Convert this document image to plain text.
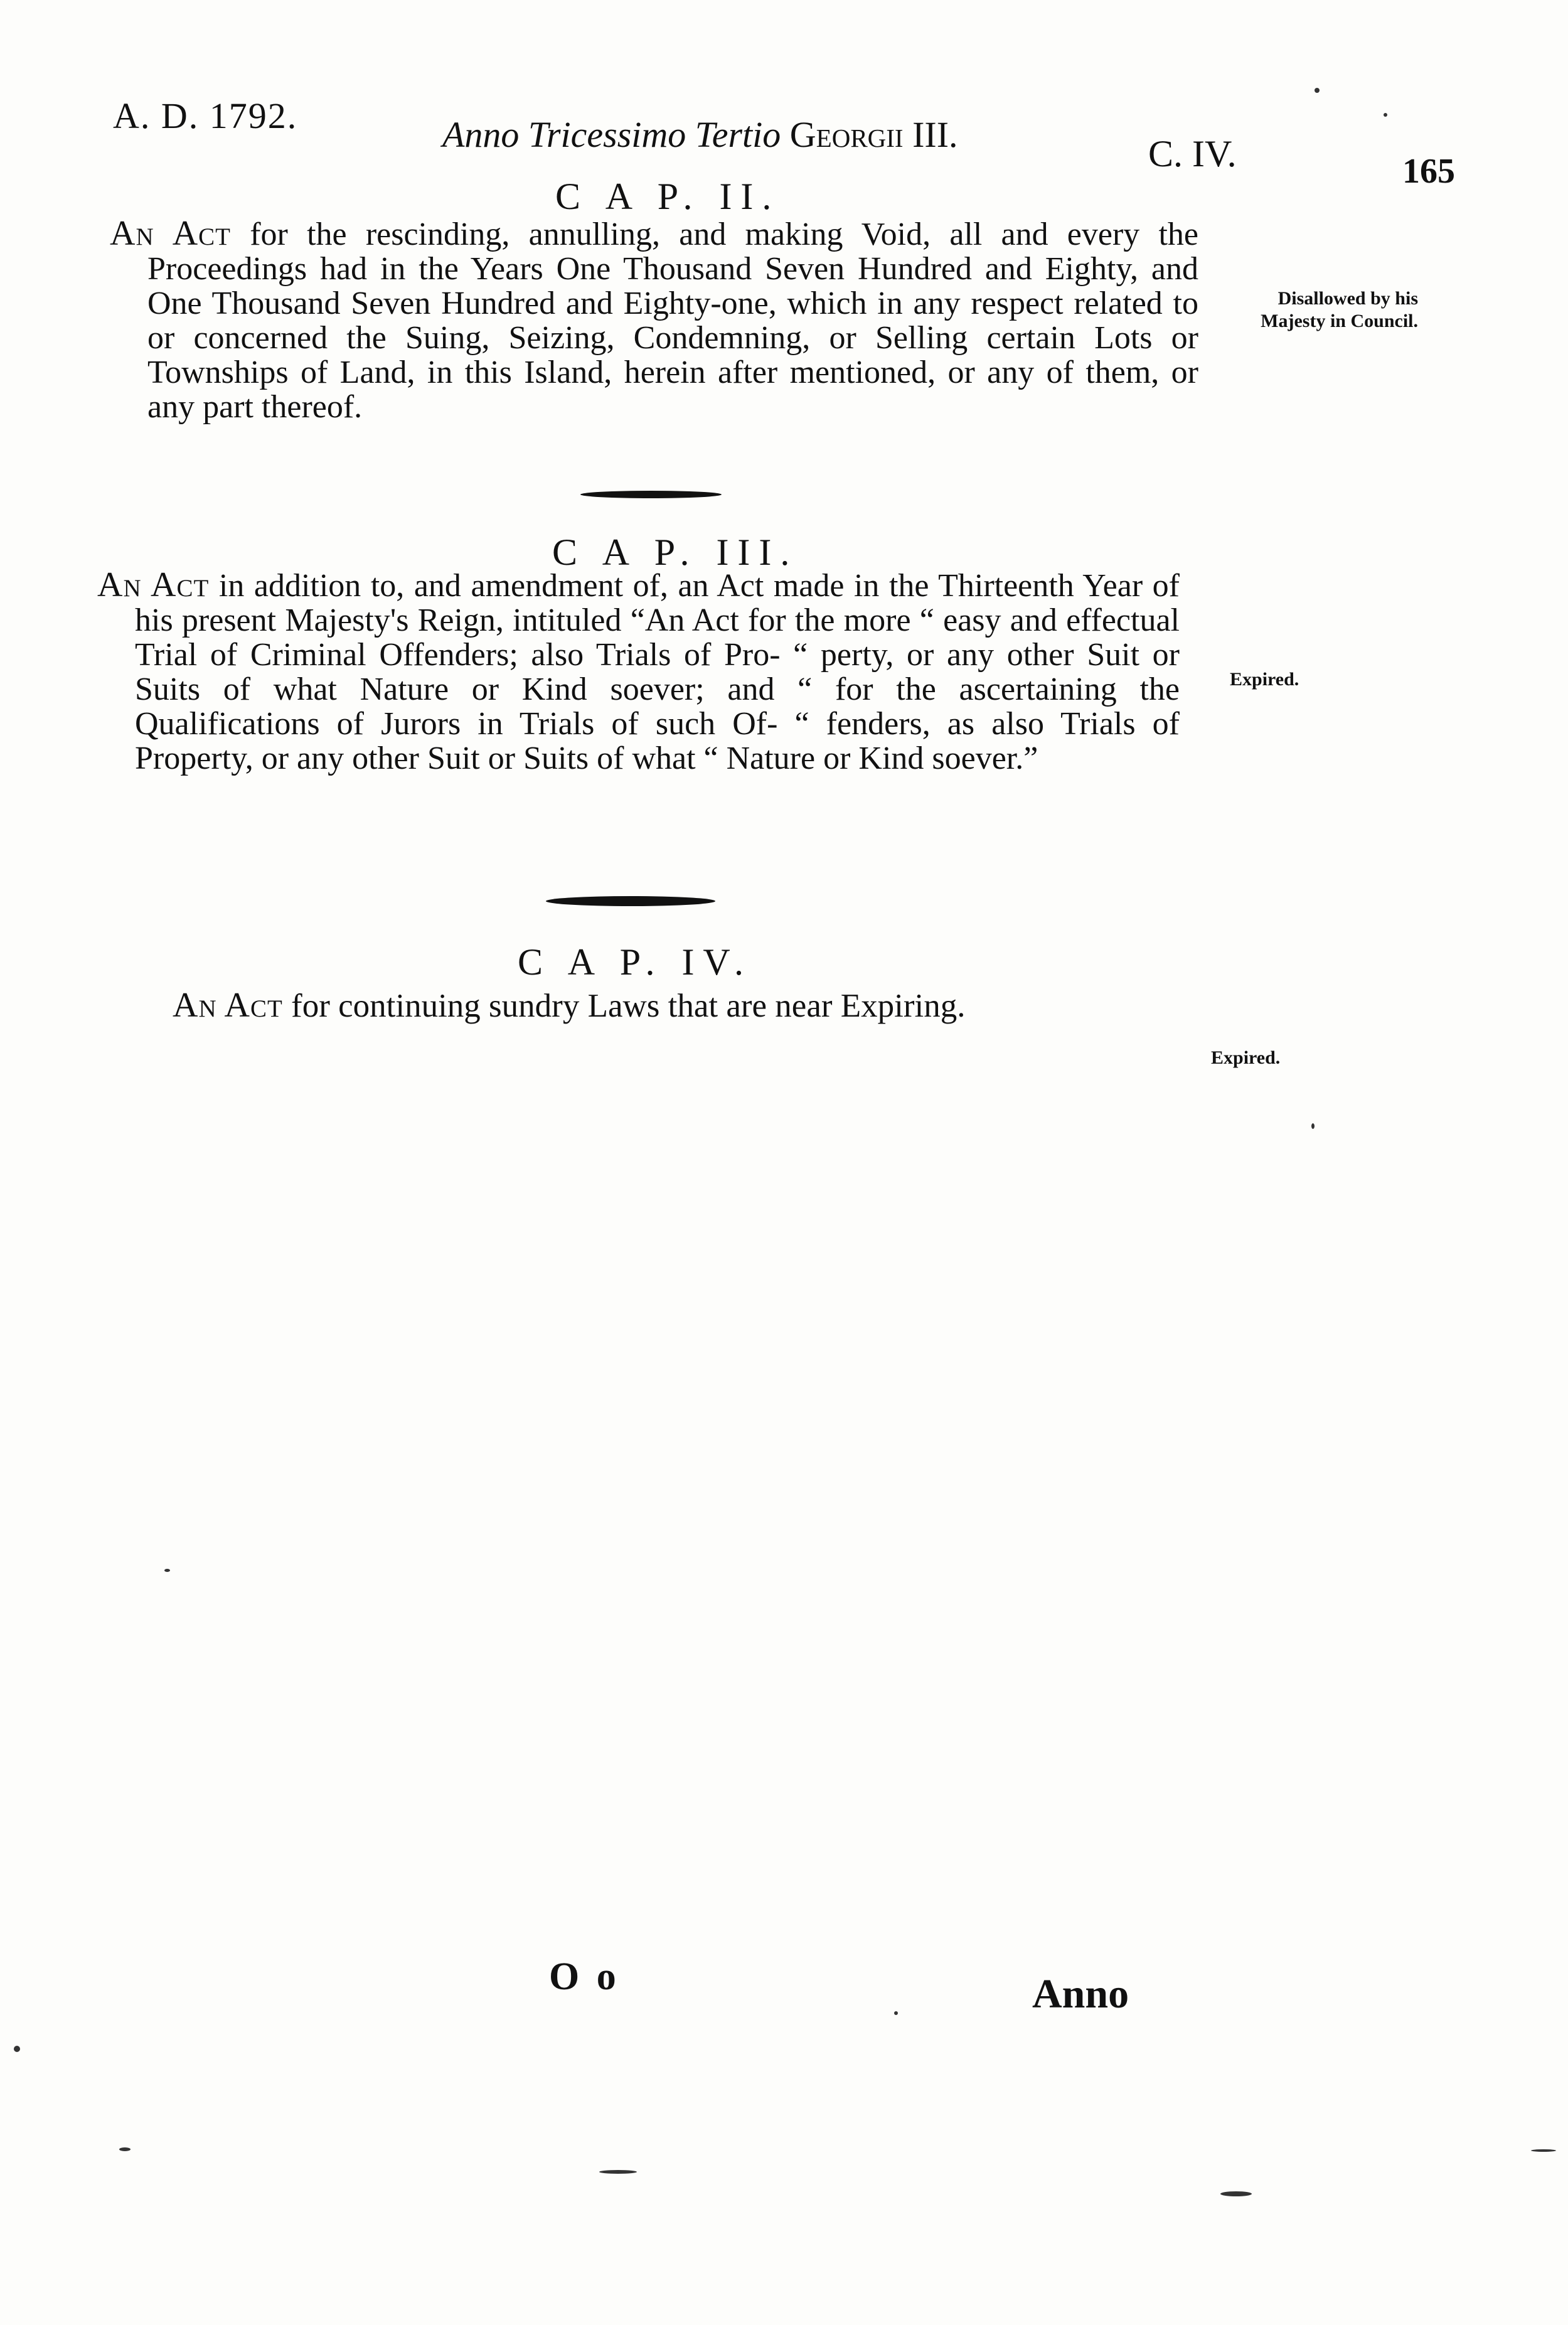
A. D. 1792.	Anno Tricessimo Tertio Georgii III.	C. IV.	165
C A P. II.
An Act for the rescinding, annulling, and making Void, all and every the Proceedings had in the Years One Thousand Seven Hundred and Eighty, and One Thousand Seven Hundred and Eighty-one, which in any respect related to or concerned the Suing, Seizing, Condemning, or Selling certain Lots or Townships of Land, in this Island, herein after mentioned, or any of them, or any part thereof.
Disallowed by his
Majesty in Council.
C A P. III.
An Act in addition to, and amendment of, an Act made in the Thirteenth Year of his present Majesty's Reign, intituled “An Act for the more “ easy and effectual Trial of Criminal Offenders; also Trials of Pro- “ perty, or any other Suit or Suits of what Nature or Kind soever; and “ for the ascertaining the Qualifications of Jurors in Trials of such Of- “ fenders, as also Trials of Property, or any other Suit or Suits of what “ Nature or Kind soever.”
Expired.
C A P. IV.
An Act for continuing sundry Laws that are near Expiring.
Expired.
O o	Anno
